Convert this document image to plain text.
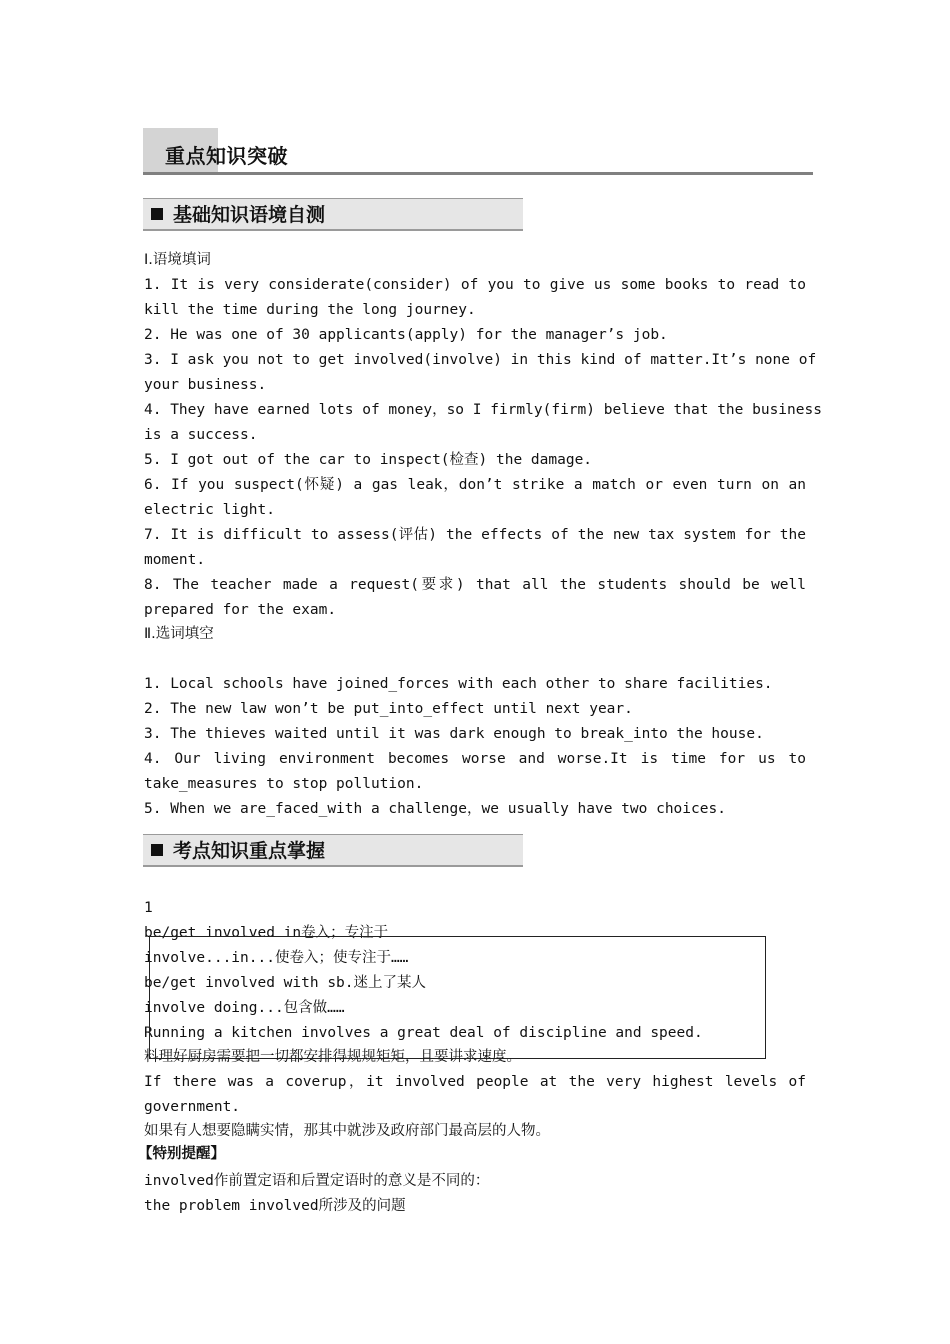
重点知识突破
基础知识语境自测
Ⅰ.语境填词
1. It is very considerate(consider) of you to give us some books to read to
kill the time during the long journey.
2. He was one of 30 applicants(apply) for the manager’s job.
3. I ask you not to get involved(involve) in this kind of matter.It’s none of
your business.
4. They have earned lots of money，so I firmly(firm) believe that the business
is a success.
5. I got out of the car to inspect(检查) the damage.
6. If you suspect(怀疑) a gas leak，don’t strike a match or even turn on an
electric light.
7. It is difficult to assess(评估) the effects of the new tax system for the
moment.
8. The teacher made a request(要求) that all the students should be well
prepared for the exam.
Ⅱ.选词填空
1. Local schools have joined_forces with each other to share facilities.
2. The new law won’t be put_into_effect until next year.
3. The thieves waited until it was dark enough to break_into the house.
4. Our living environment becomes worse and worse.It is time for us to
take_measures to stop pollution.
5. When we are_faced_with a challenge，we usually have two choices.
考点知识重点掌握
1
be/get involved in卷入；专注于
involve...in...使卷入；使专注于……
be/get involved with sb.迷上了某人
involve doing...包含做……
Running a kitchen involves a great deal of discipline and speed.
料理好厨房需要把一切都安排得规规矩矩，且要讲求速度。
If there was a coverup，it involved people at the very highest levels of
government.
如果有人想要隐瞒实情，那其中就涉及政府部门最高层的人物。
【特别提醒】
involved作前置定语和后置定语时的意义是不同的：
the problem involved所涉及的问题
